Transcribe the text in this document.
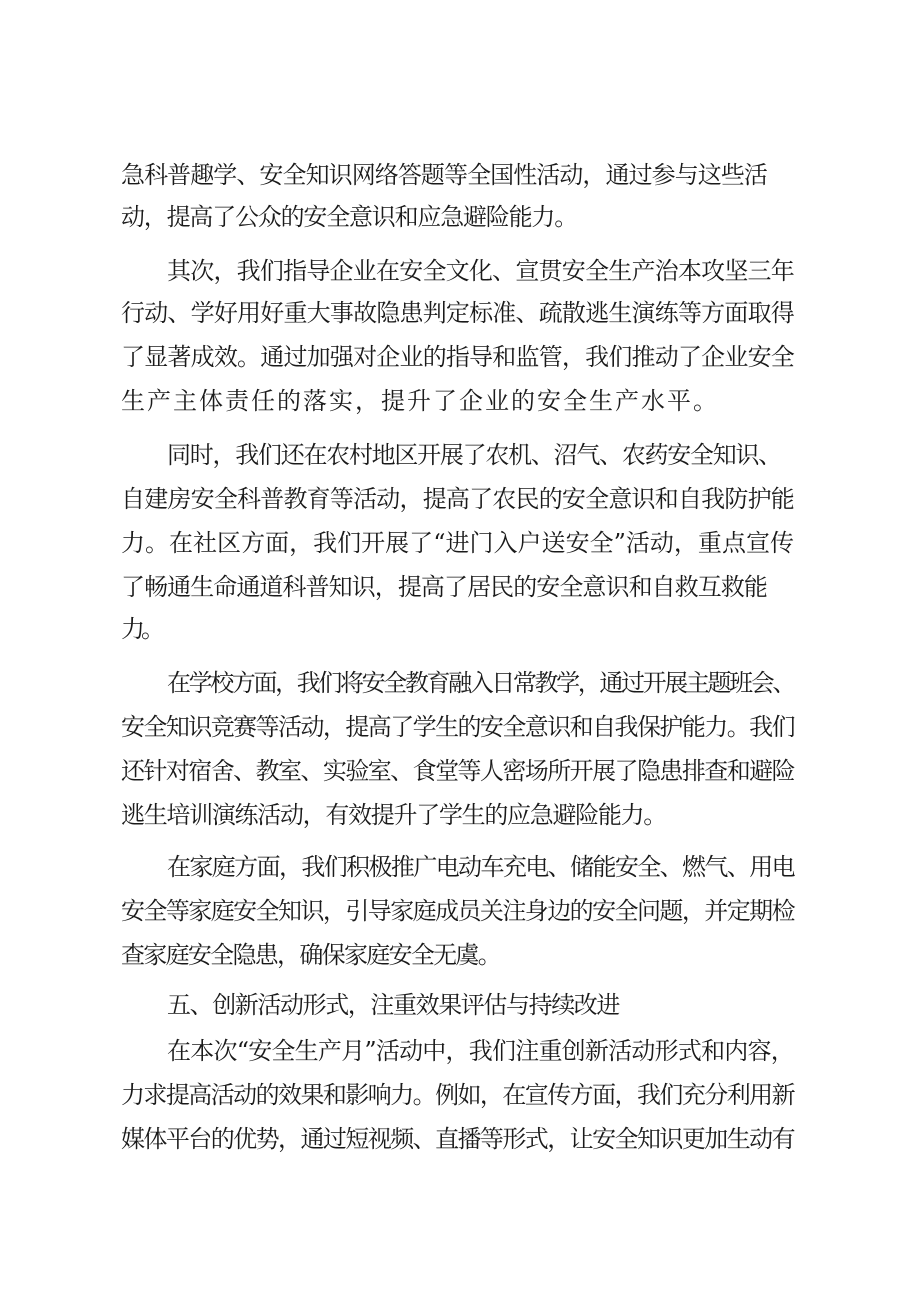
急科普趣学、安全知识网络答题等全国性活动，通过参与这些活
动，提高了公众的安全意识和应急避险能力。
其次，我们指导企业在安全文化、宣贯安全生产治本攻坚三年
行动、学好用好重大事故隐患判定标准、疏散逃生演练等方面取得
了显著成效。通过加强对企业的指导和监管，我们推动了企业安全
生产主体责任的落实，提升了企业的安全生产水平。
同时，我们还在农村地区开展了农机、沼气、农药安全知识、
自建房安全科普教育等活动，提高了农民的安全意识和自我防护能
力。在社区方面，我们开展了“进门入户送安全”活动，重点宣传
了畅通生命通道科普知识，提高了居民的安全意识和自救互救能
力。
在学校方面，我们将安全教育融入日常教学，通过开展主题班会、
安全知识竞赛等活动，提高了学生的安全意识和自我保护能力。我们
还针对宿舍、教室、实验室、食堂等人密场所开展了隐患排查和避险
逃生培训演练活动，有效提升了学生的应急避险能力。
在家庭方面，我们积极推广电动车充电、储能安全、燃气、用电
安全等家庭安全知识，引导家庭成员关注身边的安全问题，并定期检
查家庭安全隐患，确保家庭安全无虞。
五、创新活动形式，注重效果评估与持续改进
在本次“安全生产月”活动中，我们注重创新活动形式和内容，
力求提高活动的效果和影响力。例如，在宣传方面，我们充分利用新
媒体平台的优势，通过短视频、直播等形式，让安全知识更加生动有
